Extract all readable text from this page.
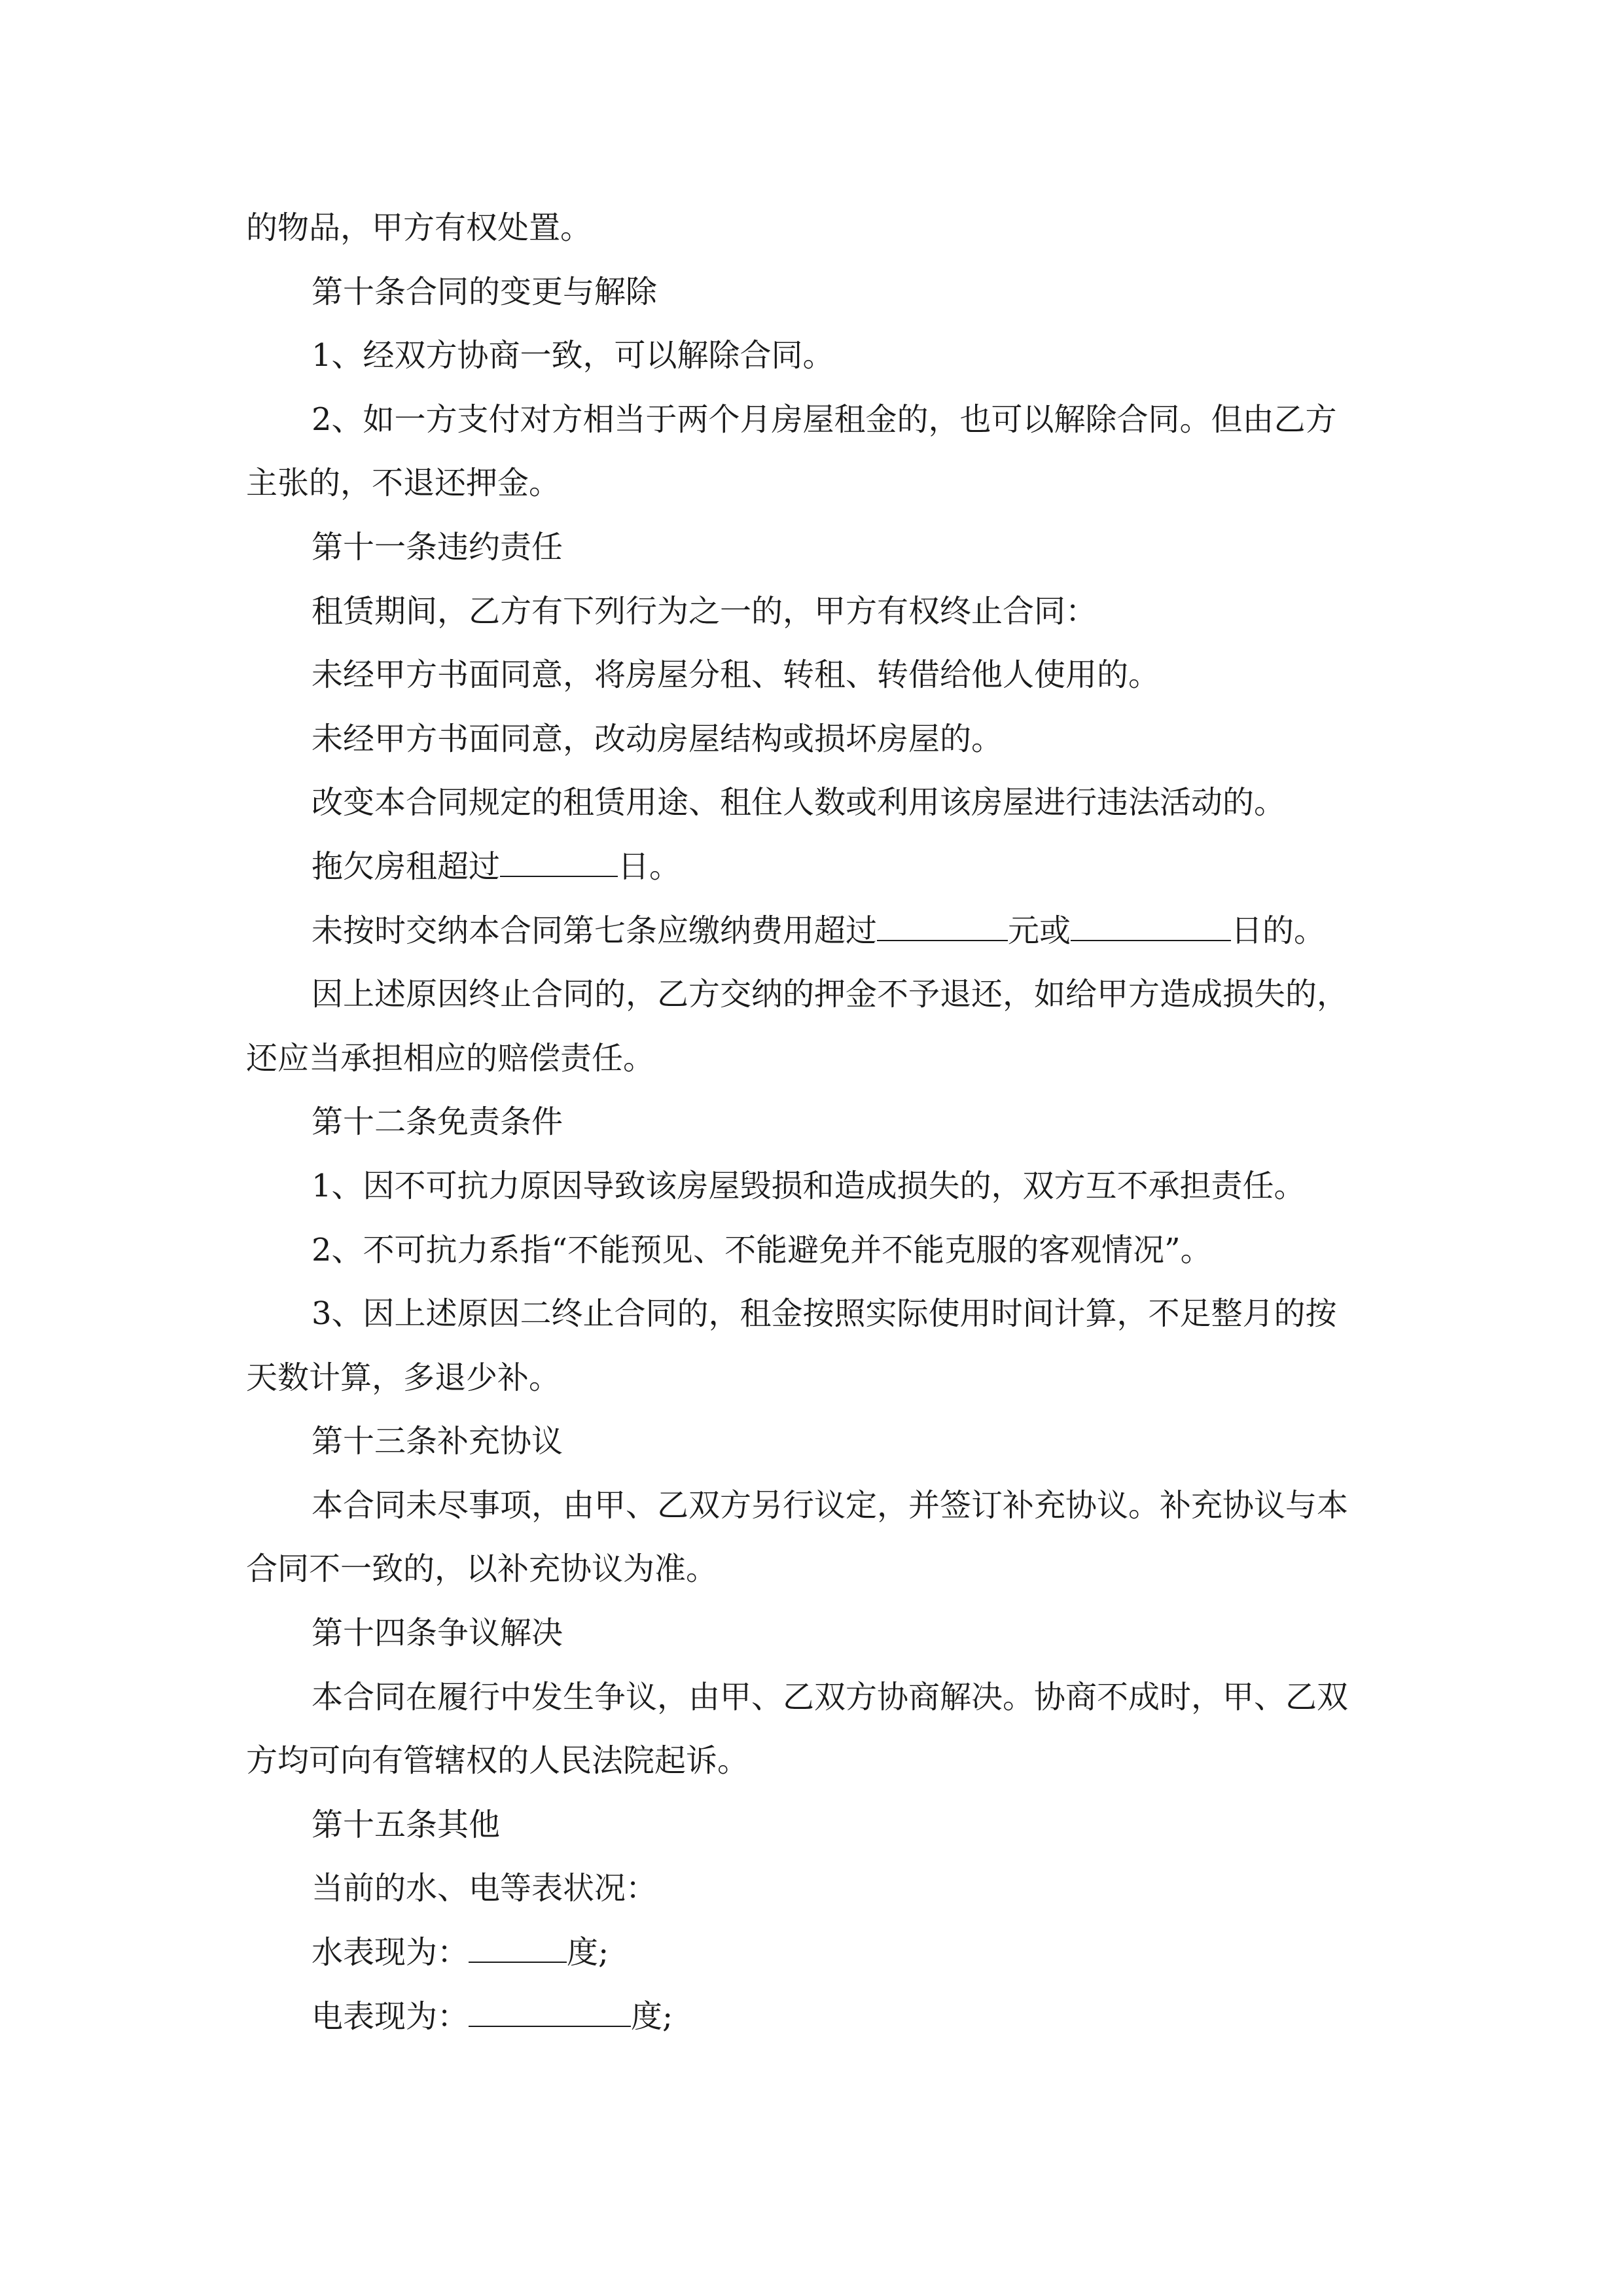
的物品，甲方有权处置。
第十条合同的变更与解除
1、经双方协商一致，可以解除合同。
2、如一方支付对方相当于两个月房屋租金的，也可以解除合同。但由乙方
主张的，不退还押金。
第十一条违约责任
租赁期间，乙方有下列行为之一的，甲方有权终止合同：
未经甲方书面同意，将房屋分租、转租、转借给他人使用的。
未经甲方书面同意，改动房屋结构或损坏房屋的。
改变本合同规定的租赁用途、租住人数或利用该房屋进行违法活动的。
拖欠房租超过	日。
未按时交纳本合同第七条应缴纳费用超过	元或	日的。
因上述原因终止合同的，乙方交纳的押金不予退还，如给甲方造成损失的，
还应当承担相应的赔偿责任。
第十二条免责条件
1、因不可抗力原因导致该房屋毁损和造成损失的，双方互不承担责任。
2、不可抗力系指“不能预见、不能避免并不能克服的客观情况”。
3、因上述原因二终止合同的，租金按照实际使用时间计算，不足整月的按
天数计算，多退少补。
第十三条补充协议
本合同未尽事项，由甲、乙双方另行议定，并签订补充协议。补充协议与本
合同不一致的，以补充协议为准。
第十四条争议解决
本合同在履行中发生争议，由甲、乙双方协商解决。协商不成时，甲、乙双
方均可向有管辖权的人民法院起诉。
第十五条其他
当前的水、电等表状况：
水表现为：	度;
电表现为：	度;
